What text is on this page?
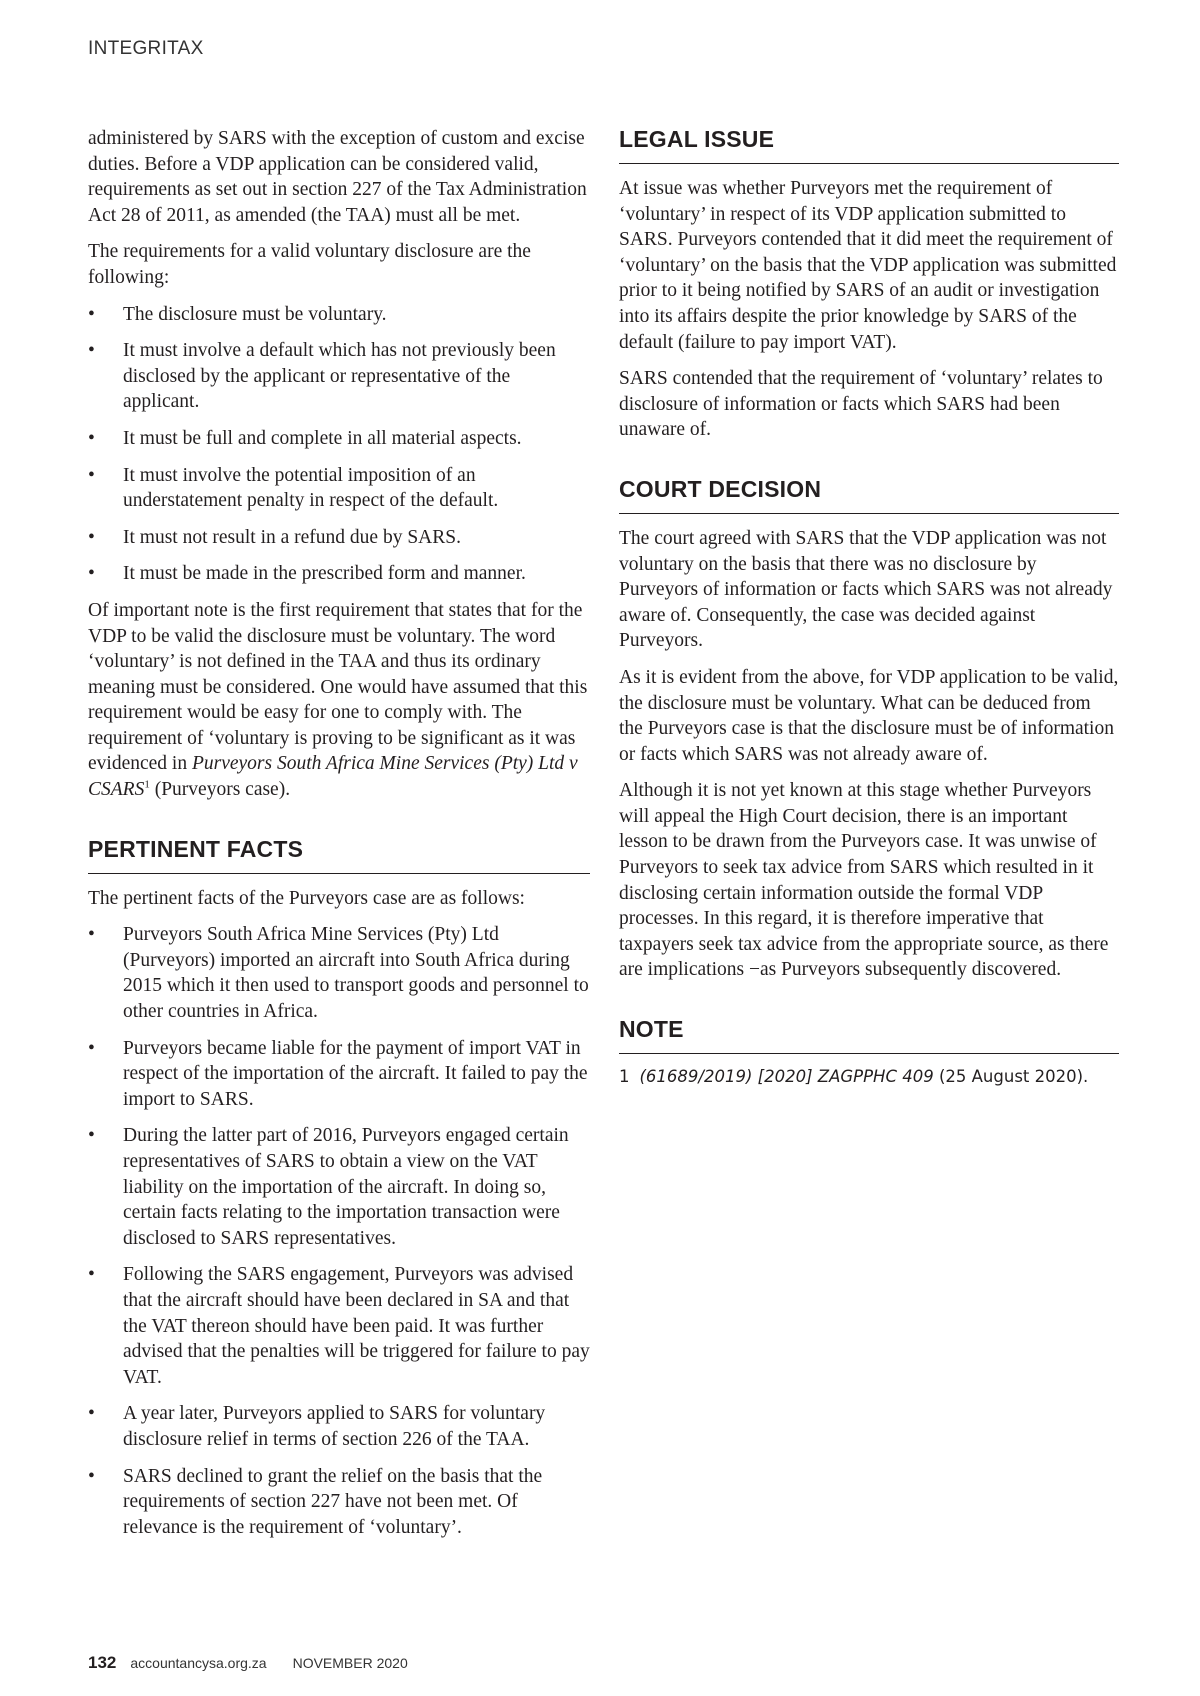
INTEGRITAX

administered by SARS with the exception of custom and excise duties. Before a VDP application can be considered valid, requirements as set out in section 227 of the Tax Administration Act 28 of 2011, as amended (the TAA) must all be met.

The requirements for a valid voluntary disclosure are the following:

• The disclosure must be voluntary.
• It must involve a default which has not previously been disclosed by the applicant or representative of the applicant.
• It must be full and complete in all material aspects.
• It must involve the potential imposition of an understatement penalty in respect of the default.
• It must not result in a refund due by SARS.
• It must be made in the prescribed form and manner.

Of important note is the first requirement that states that for the VDP to be valid the disclosure must be voluntary. The word ‘voluntary’ is not defined in the TAA and thus its ordinary meaning must be considered. One would have assumed that this requirement would be easy for one to comply with. The requirement of ‘voluntary is proving to be significant as it was evidenced in Purveyors South Africa Mine Services (Pty) Ltd v CSARS$^1$ (Purveyors case).

PERTINENT FACTS

The pertinent facts of the Purveyors case are as follows:

• Purveyors South Africa Mine Services (Pty) Ltd (Purveyors) imported an aircraft into South Africa during 2015 which it then used to transport goods and personnel to other countries in Africa.
• Purveyors became liable for the payment of import VAT in respect of the importation of the aircraft. It failed to pay the import to SARS.
• During the latter part of 2016, Purveyors engaged certain representatives of SARS to obtain a view on the VAT liability on the importation of the aircraft. In doing so, certain facts relating to the importation transaction were disclosed to SARS representatives.
• Following the SARS engagement, Purveyors was advised that the aircraft should have been declared in SA and that the VAT thereon should have been paid. It was further advised that the penalties will be triggered for failure to pay VAT.
• A year later, Purveyors applied to SARS for voluntary disclosure relief in terms of section 226 of the TAA.
• SARS declined to grant the relief on the basis that the requirements of section 227 have not been met. Of relevance is the requirement of ‘voluntary’.
LEGAL ISSUE

At issue was whether Purveyors met the requirement of ‘voluntary’ in respect of its VDP application submitted to SARS. Purveyors contended that it did meet the requirement of ‘voluntary’ on the basis that the VDP application was submitted prior to it being notified by SARS of an audit or investigation into its affairs despite the prior knowledge by SARS of the default (failure to pay import VAT).

SARS contended that the requirement of ‘voluntary’ relates to disclosure of information or facts which SARS had been unaware of.

COURT DECISION

The court agreed with SARS that the VDP application was not voluntary on the basis that there was no disclosure by Purveyors of information or facts which SARS was not already aware of. Consequently, the case was decided against Purveyors.

As it is evident from the above, for VDP application to be valid, the disclosure must be voluntary. What can be deduced from the Purveyors case is that the disclosure must be of information or facts which SARS was not already aware of.

Although it is not yet known at this stage whether Purveyors will appeal the High Court decision, there is an important lesson to be drawn from the Purveyors case. It was unwise of Purveyors to seek tax advice from SARS which resulted in it disclosing certain information outside the formal VDP processes. In this regard, it is therefore imperative that taxpayers seek tax advice from the appropriate source, as there are implications −as Purveyors subsequently discovered.

NOTE

1 (61689/2019) [2020] ZAGPPHC 409 (25 August 2020).

132 accountancysa.org.za NOVEMBER 2020
